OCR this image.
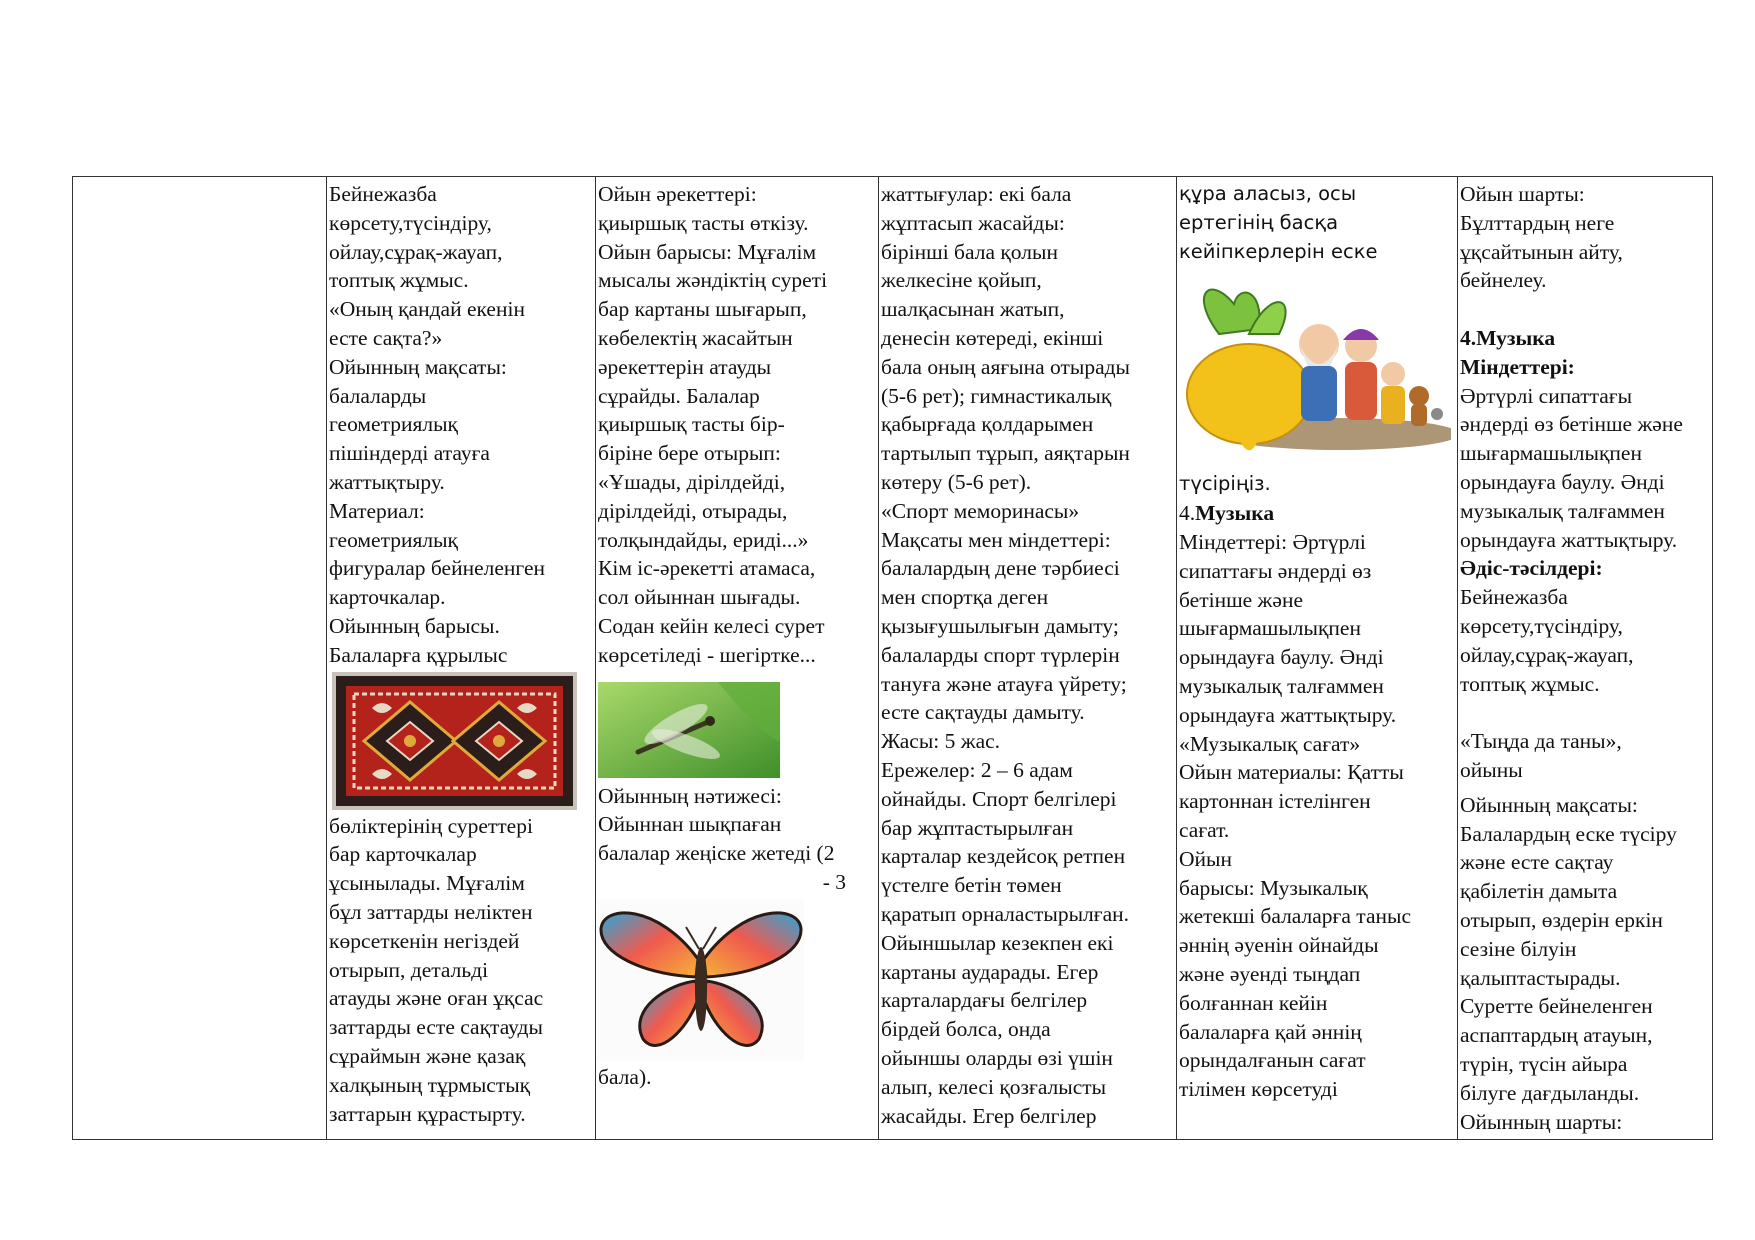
Бейнежазба

көрсету,түсіндіру,

ойлау,сұрақ-жауап,

топтық жұмыс.

«Оның қандай екенін

есте сақта?»

Ойынның мақсаты:

балаларды

геометриялық

пішіндерді атауға

жаттықтыру.

Материал:

геометриялық

фигуралар бейнеленген

карточкалар.

Ойынның барысы.

Балаларға құрылыс

бөліктерінің суреттері

бар карточкалар

ұсынылады. Мұғалім

бұл заттарды неліктен

көрсеткенін негіздей

отырып, детальді

атауды және оған ұқсас

заттарды есте сақтауды

сұраймын және қазақ

халқының тұрмыстық

заттарын құрастырту.

Ойын әрекеттері:

қиыршық тасты өткізу.

Ойын барысы: Мұғалім

мысалы жәндіктің суреті

бар картаны шығарып,

көбелектің жасайтын

әрекеттерін атауды

сұрайды. Балалар

қиыршық тасты бір-

біріне бере отырып:

«Ұшады, дірілдейді,

дірілдейді, отырады,

толқындайды, ериді...»

Кім іс-әрекетті атамаса,

сол ойыннан шығады.

Содан кейін келесі сурет

көрсетіледі - шегіртке...

Ойынның нәтижесі:

Ойыннан шықпаған

балалар жеңіске жетеді (2

- 3

бала).

жаттығулар: екі бала

жұптасып жасайды:

бірінші бала қолын

желкесіне қойып,

шалқасынан жатып,

денесін көтереді, екінші

бала оның аяғына отырады

(5-6 рет); гимнастикалық

қабырғада қолдарымен

тартылып тұрып, аяқтарын

көтеру (5-6 рет).

«Спорт меморинасы»

Мақсаты мен міндеттері:

балалардың дене тәрбиесі

мен спортқа деген

қызығушылығын дамыту;

балаларды спорт түрлерін

тануға және атауға үйрету;

есте сақтауды дамыту.

Жасы: 5 жас.

Ережелер: 2 – 6 адам

ойнайды. Спорт белгілері

бар жұптастырылған

карталар кездейсоқ ретпен

үстелге бетін төмен

қаратып орналастырылған.

Ойыншылар кезекпен екі

картаны аударады. Егер

карталардағы белгілер

бірдей болса, онда

ойыншы оларды өзі үшін

алып, келесі қозғалысты

жасайды. Егер белгілер

құра аласыз, осы

ертегінің басқа

кейіпкерлерін еске

түсіріңіз.

4.Музыка

Міндеттері: Әртүрлі

сипаттағы әндерді өз

бетінше және

шығармашылықпен

орындауға баулу. Әнді

музыкалық талғаммен

орындауға жаттықтыру.

«Музыкалық сағат»

Ойын материалы: Қатты

картоннан істелінген

сағат.

Ойын

барысы: Музыкалық

жетекші балаларға таныс

әннің әуенін ойнайды

және әуенді тыңдап

болғаннан кейін

балаларға қай әннің

орындалғанын сағат

тілімен көрсетуді

Ойын шарты:

Бұлттардың неге

ұқсайтынын айту,

бейнелеу.

4.Музыка

Міндеттері:

Әртүрлі сипаттағы

әндерді өз бетінше және

шығармашылықпен

орындауға баулу. Әнді

музыкалық талғаммен

орындауға жаттықтыру.

Әдіс-тәсілдері:

Бейнежазба

көрсету,түсіндіру,

ойлау,сұрақ-жауап,

топтық жұмыс.

«Тыңда да таны»,

ойыны

Ойынның мақсаты:

Балалардың еске түсіру

және есте сақтау

қабілетін дамыта

отырып, өздерін еркін

сезіне білуін

қалыптастырады.

Суретте бейнеленген

аспаптардың атауын,

түрін, түсін айыра

білуге дағдыланды.

Ойынның шарты:
